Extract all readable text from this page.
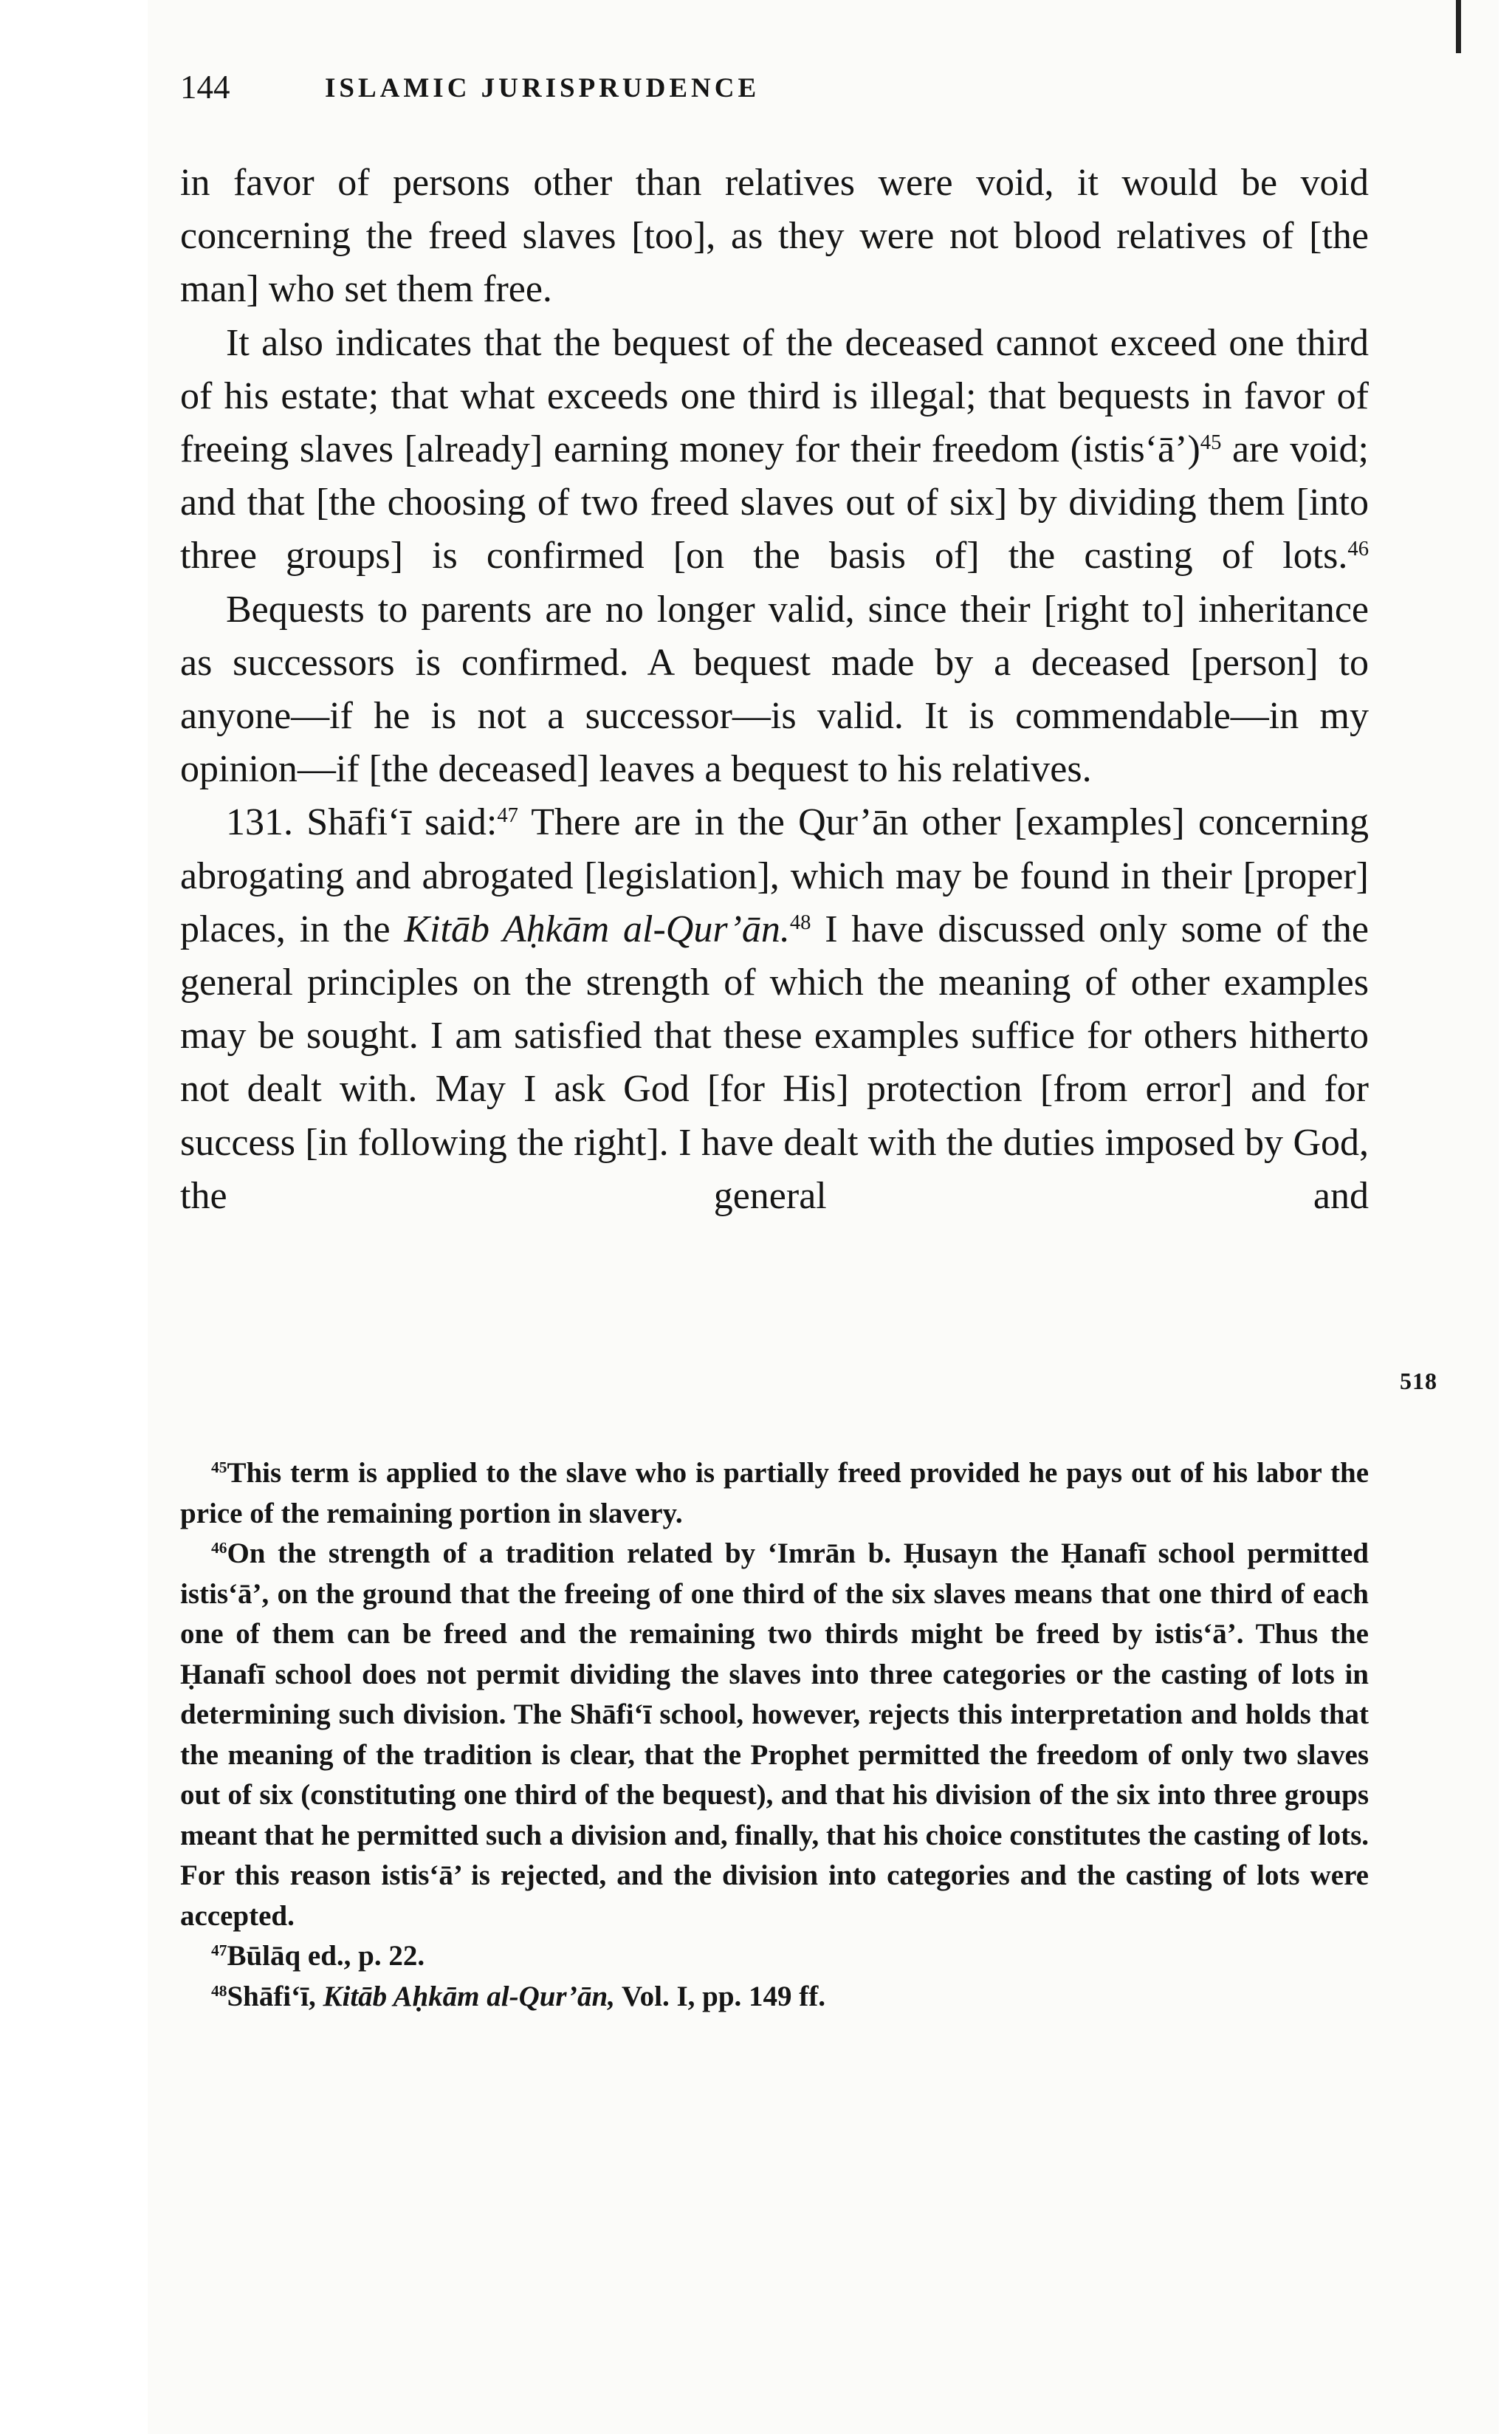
144	ISLAMIC JURISPRUDENCE

in favor of persons other than relatives were void, it would be void concerning the freed slaves [too], as they were not blood relatives of [the man] who set them free.

It also indicates that the bequest of the deceased cannot exceed one third of his estate; that what exceeds one third is illegal; that bequests in favor of freeing slaves [already] earning money for their freedom (istis‘ā’)$^{45}$ are void; and that [the choosing of two freed slaves out of six] by dividing them [into three groups] is confirmed [on the basis of] the casting of lots.$^{46}$

Bequests to parents are no longer valid, since their [right to] inheritance as successors is confirmed. A bequest made by a deceased [person] to anyone—if he is not a successor—is valid. It is commendable—in my opinion—if [the deceased] leaves a bequest to his relatives.

131. Shāfi‘ī said:$^{47}$ There are in the Qur’ān other [examples] concerning abrogating and abrogated [legislation], which may be found in their [proper] places, in the Kitāb Aḥkām al-Qur’ān.$^{48}$ I have discussed only some of the general principles on the strength of which the meaning of other examples may be sought. I am satisfied that these examples suffice for others hitherto not dealt with. May I ask God [for His] protection [from error] and for success [in following the right]. I have dealt with the duties imposed by God, the general and

518

$^{45}$This term is applied to the slave who is partially freed provided he pays out of his labor the price of the remaining portion in slavery.

$^{46}$On the strength of a tradition related by ‘Imrān b. Ḥusayn the Ḥanafī school permitted istis‘ā’, on the ground that the freeing of one third of the six slaves means that one third of each one of them can be freed and the remaining two thirds might be freed by istis‘ā’. Thus the Ḥanafī school does not permit dividing the slaves into three categories or the casting of lots in determining such division. The Shāfi‘ī school, however, rejects this interpretation and holds that the meaning of the tradition is clear, that the Prophet permitted the freedom of only two slaves out of six (constituting one third of the bequest), and that his division of the six into three groups meant that he permitted such a division and, finally, that his choice constitutes the casting of lots. For this reason istis‘ā’ is rejected, and the division into categories and the casting of lots were accepted.

$^{47}$Būlāq ed., p. 22.

$^{48}$Shāfi‘ī, Kitāb Aḥkām al-Qur’ān, Vol. I, pp. 149 ff.
